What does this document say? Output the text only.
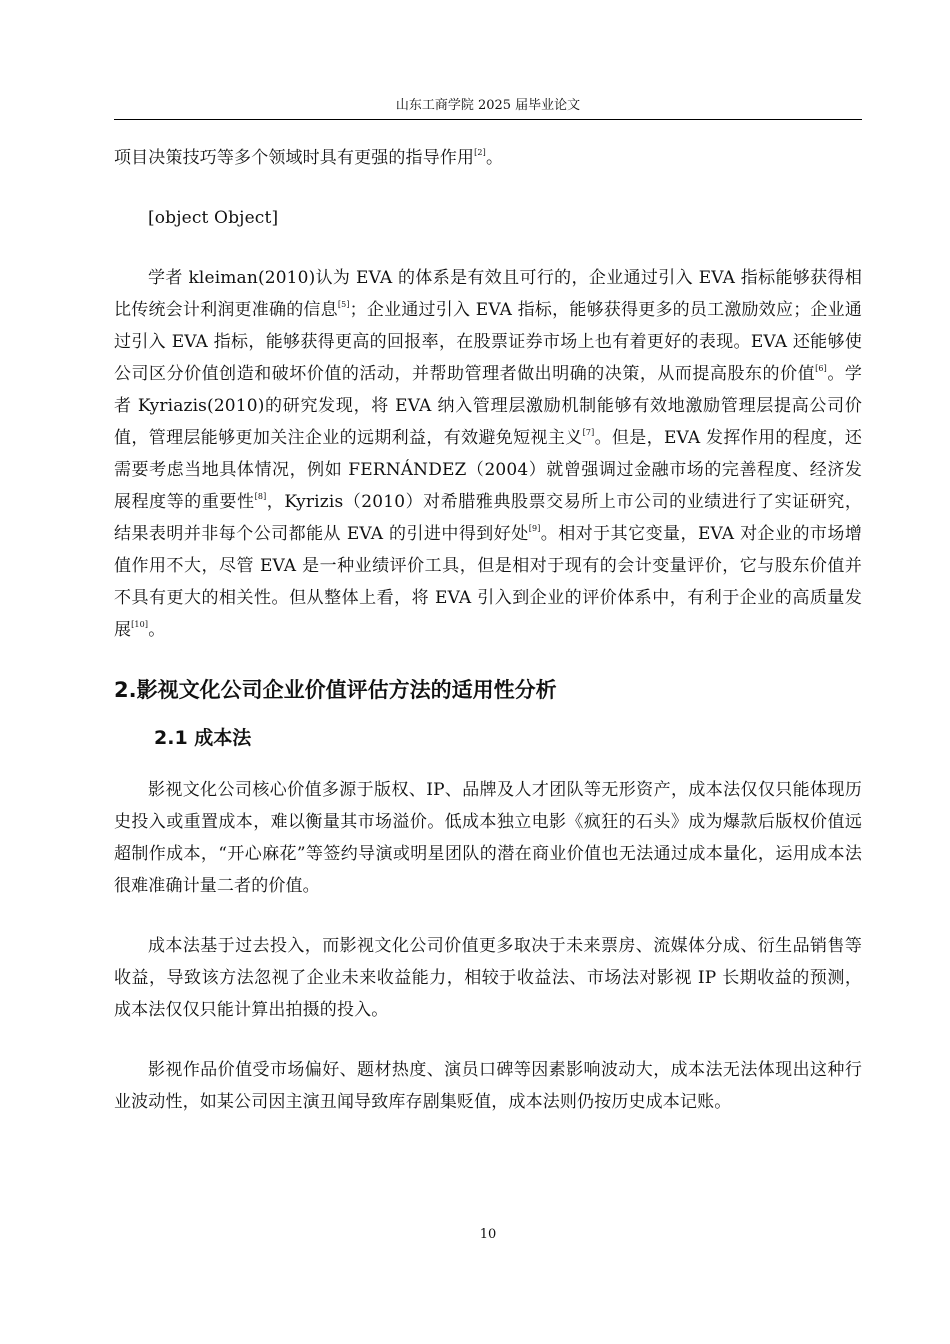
山东工商学院 2025 届毕业论文

项目决策技巧等多个领域时具有更强的指导作用[2]。

[object Object]

学者 kleiman(2010)认为 EVA 的体系是有效且可行的，企业通过引入 EVA 指标能够获得相比传统会计利润更准确的信息[5]；企业通过引入 EVA 指标，能够获得更多的员工激励效应；企业通过引入 EVA 指标，能够获得更高的回报率，在股票证券市场上也有着更好的表现。EVA 还能够使公司区分价值创造和破坏价值的活动，并帮助管理者做出明确的决策，从而提高股东的价值[6]。学者 Kyriazis(2010)的研究发现，将 EVA 纳入管理层激励机制能够有效地激励管理层提高公司价值，管理层能够更加关注企业的远期利益，有效避免短视主义[7]。但是，EVA 发挥作用的程度，还需要考虑当地具体情况，例如 FERNÁNDEZ（2004）就曾强调过金融市场的完善程度、经济发展程度等的重要性[8]，Kyrizis（2010）对希腊雅典股票交易所上市公司的业绩进行了实证研究，结果表明并非每个公司都能从 EVA 的引进中得到好处[9]。相对于其它变量，EVA 对企业的市场增值作用不大，尽管 EVA 是一种业绩评价工具，但是相对于现有的会计变量评价，它与股东价值并不具有更大的相关性。但从整体上看，将 EVA 引入到企业的评价体系中，有利于企业的高质量发展[10]。

2.影视文化公司企业价值评估方法的适用性分析
2.1 成本法

影视文化公司核心价值多源于版权、IP、品牌及人才团队等无形资产，成本法仅仅只能体现历史投入或重置成本，难以衡量其市场溢价。低成本独立电影《疯狂的石头》成为爆款后版权价值远超制作成本，“开心麻花”等签约导演或明星团队的潜在商业价值也无法通过成本量化，运用成本法很难准确计量二者的价值。

成本法基于过去投入，而影视文化公司价值更多取决于未来票房、流媒体分成、衍生品销售等收益，导致该方法忽视了企业未来收益能力，相较于收益法、市场法对影视 IP 长期收益的预测，成本法仅仅只能计算出拍摄的投入。

影视作品价值受市场偏好、题材热度、演员口碑等因素影响波动大，成本法无法体现出这种行业波动性，如某公司因主演丑闻导致库存剧集贬值，成本法则仍按历史成本记账。

10
